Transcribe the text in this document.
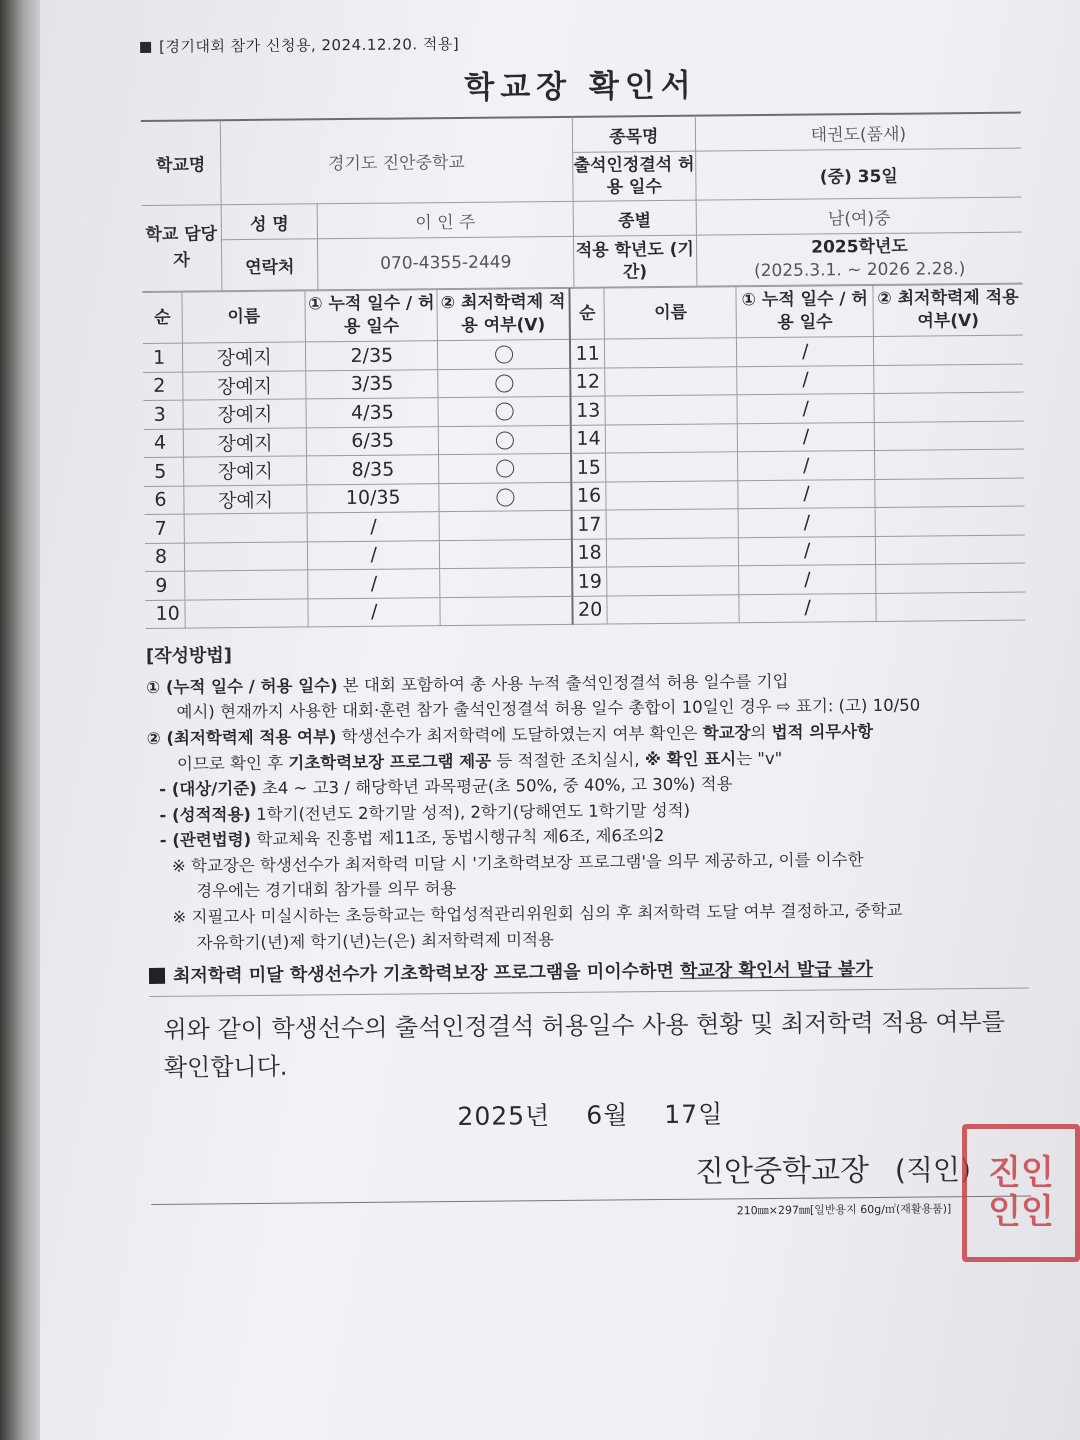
[경기대회 참가 신청용, 2024.12.20. 적용]
학교장 확인서
학교명	경기도 진안중학교		종목명	태권도(품새)
			출석인정결석 허용 일수	(중) 35일
학교 담당자	성 명	이 인 주	종별	남(여)중
	연락처	070-4355-2449	적용 학년도 (기간)	2025학년도
(2025.3.1. ~ 2026 2.28.)
순	이름	① 누적 일수 / 허용 일수	② 최저학력제 적용 여부(V)	순	이름	① 누적 일수 / 허용 일수	② 최저학력제 적용 여부(V)
1	장예지	2/35		11		/	
2	장예지	3/35		12		/	
3	장예지	4/35		13		/	
4	장예지	6/35		14		/	
5	장예지	8/35		15		/	
6	장예지	10/35		16		/	
7		/		17		/	
8		/		18		/	
9		/		19		/	
10		/		20		/	
[작성방법]

① (누적 일수 / 허용 일수) 본 대회 포함하여 총 사용 누적 출석인정결석 허용 일수를 기입

예시) 현재까지 사용한 대회·훈련 참가 출석인정결석 허용 일수 총합이 10일인 경우 ⇨ 표기: (고) 10/50

② (최저학력제 적용 여부) 학생선수가 최저학력에 도달하였는지 여부 확인은 학교장의 법적 의무사항

이므로 확인 후 기초학력보장 프로그램 제공 등 적절한 조치실시, ※ 확인 표시는 "v"

- (대상/기준) 초4 ~ 고3 / 해당학년 과목평균(초 50%, 중 40%, 고 30%) 적용

- (성적적용) 1학기(전년도 2학기말 성적), 2학기(당해연도 1학기말 성적)

- (관련법령) 학교체육 진흥법 제11조, 동법시행규칙 제6조, 제6조의2

※ 학교장은 학생선수가 최저학력 미달 시 '기초학력보장 프로그램'을 의무 제공하고, 이를 이수한

경우에는 경기대회 참가를 의무 허용

※ 지필고사 미실시하는 초등학교는 학업성적관리위원회 심의 후 최저학력 도달 여부 결정하고, 중학교

자유학기(년)제 학기(년)는(은) 최저학력제 미적용

최저학력 미달 학생선수가 기초학력보장 프로그램을 미이수하면 학교장 확인서 발급 불가
위와 같이 학생선수의 출석인정결석 허용일수 사용 현황 및 최저학력 적용 여부를 확인합니다.
2025년 6월 17일
진안중학교장 (직인)
210㎜×297㎜[일반용지 60g/㎡(재활용품)]
진인
인인
